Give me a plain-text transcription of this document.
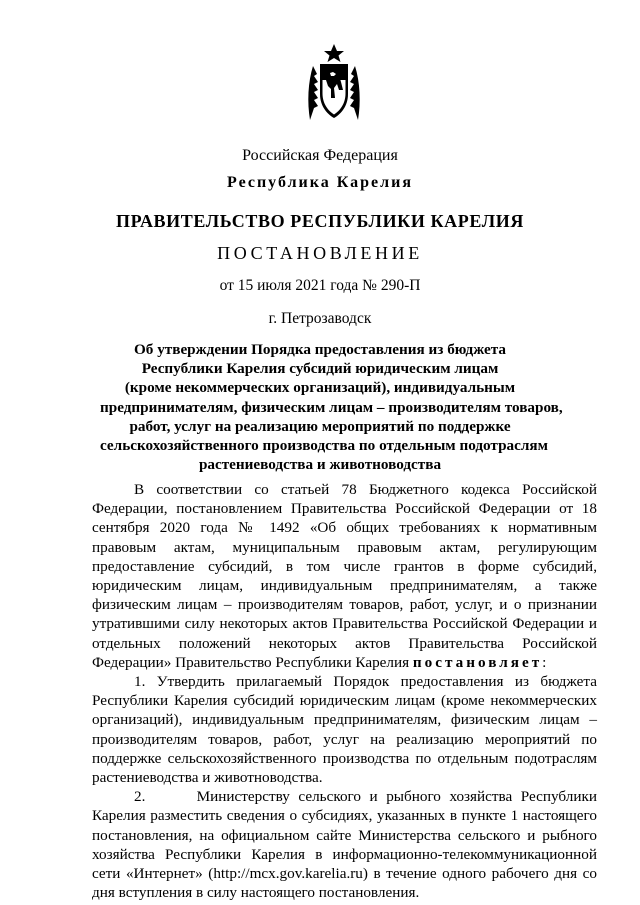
Российская Федерация
Республика Карелия
ПРАВИТЕЛЬСТВО РЕСПУБЛИКИ КАРЕЛИЯ
ПОСТАНОВЛЕНИЕ
от 15 июля 2021 года № 290-П
г. Петрозаводск
Об утверждении Порядка предоставления из бюджета
Республики Карелия субсидий юридическим лицам
(кроме некоммерческих организаций), индивидуальным
предпринимателям, физическим лицам – производителям товаров,
работ, услуг на реализацию мероприятий по поддержке
сельскохозяйственного производства по отдельным подотраслям
растениеводства и животноводства

В соответствии со статьей 78 Бюджетного кодекса Российской Федерации, постановлением Правительства Российской Федерации от 18 сентября 2020 года № 1492 «Об общих требованиях к нормативным правовым актам, муниципальным правовым актам, регулирующим предоставление субсидий, в том числе грантов в форме субсидий, юридическим лицам, индивидуальным предпринимателям, а также физическим лицам – производителям товаров, работ, услуг, и о признании утратившими силу некоторых актов Правительства Российской Федерации и отдельных положений некоторых актов Правительства Российской Федерации» Правительство Республики Карелия постановляет:

1. Утвердить прилагаемый Порядок предоставления из бюджета Республики Карелия субсидий юридическим лицам (кроме некоммерческих организаций), индивидуальным предпринимателям, физическим лицам – производителям товаров, работ, услуг на реализацию мероприятий по поддержке сельскохозяйственного производства по отдельным подотраслям растениеводства и животноводства.

2.      Министерству сельского и рыбного хозяйства Республики Карелия разместить сведения о субсидиях, указанных в пункте 1 настоящего постановления, на официальном сайте Министерства сельского и рыбного хозяйства Республики Карелия в информационно-телекоммуникационной сети «Интернет» (http://mcx.gov.karelia.ru) в течение одного рабочего дня со дня вступления в силу настоящего постановления.
